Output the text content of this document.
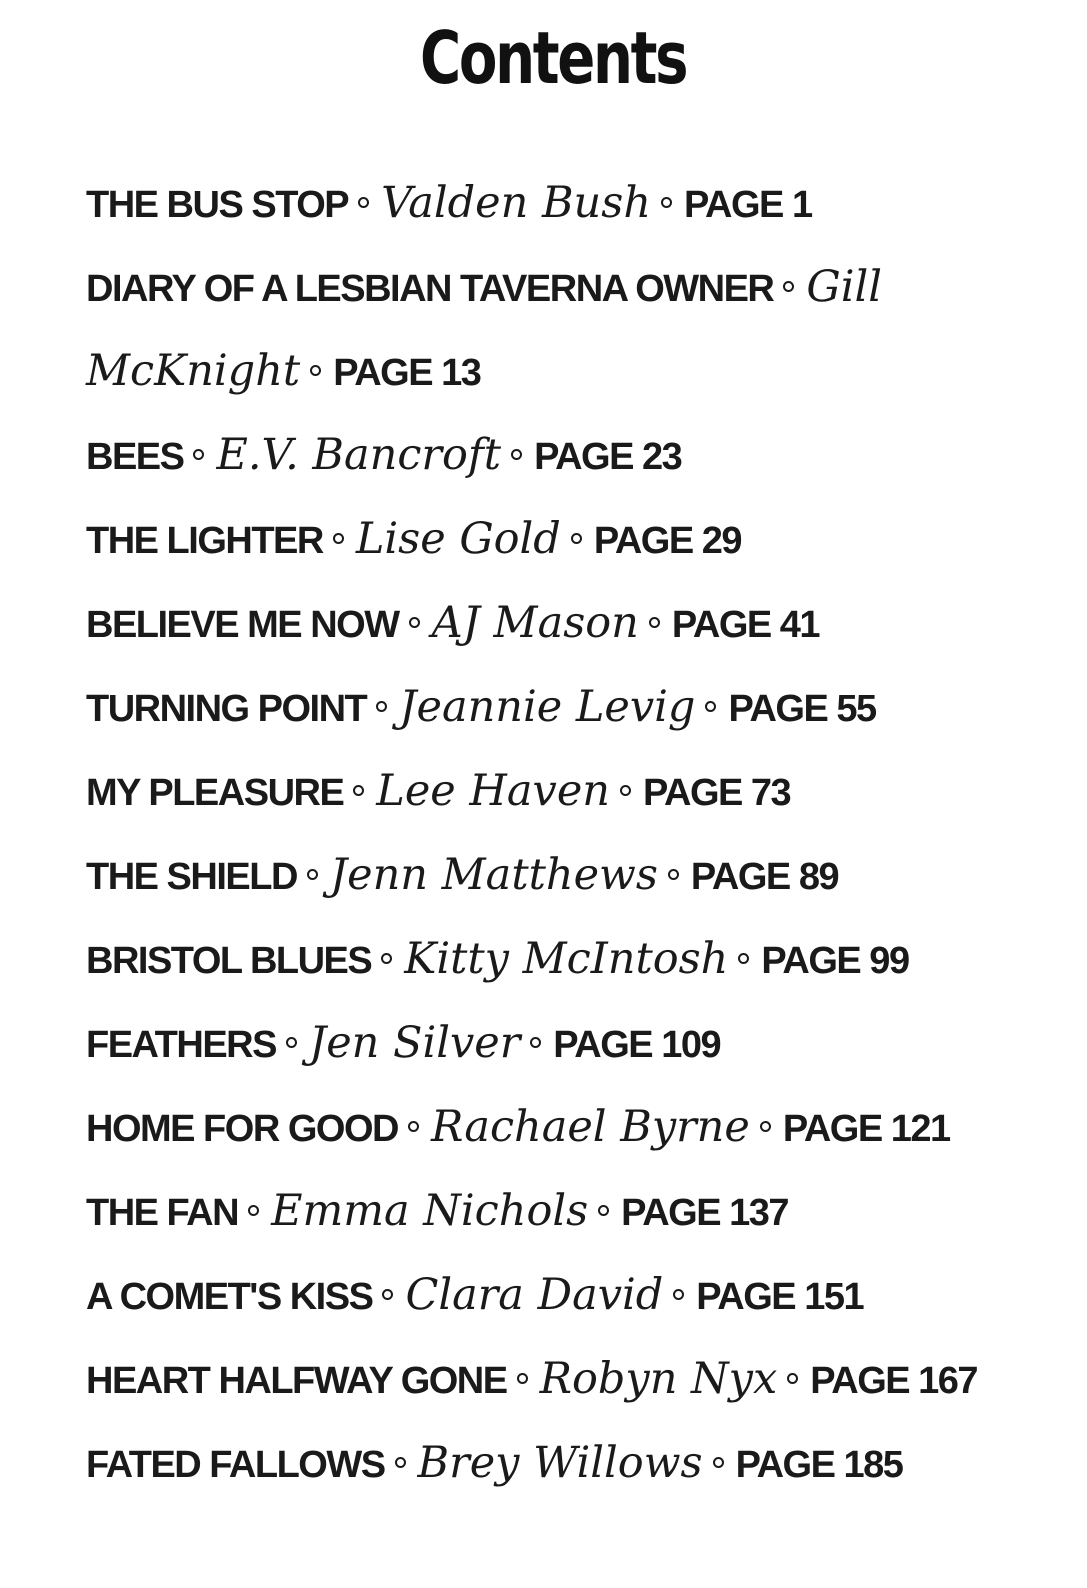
Contents
THE BUS STOP Valden Bush PAGE 1
DIARY OF A LESBIAN TAVERNA OWNER Gill McKnight PAGE 13
BEES E.V. Bancroft PAGE 23
THE LIGHTER Lise Gold PAGE 29
BELIEVE ME NOW AJ Mason PAGE 41
TURNING POINT Jeannie Levig PAGE 55
MY PLEASURE Lee Haven PAGE 73
THE SHIELD Jenn Matthews PAGE 89
BRISTOL BLUES Kitty McIntosh PAGE 99
FEATHERS Jen Silver PAGE 109
HOME FOR GOOD Rachael Byrne PAGE 121
THE FAN Emma Nichols PAGE 137
A COMET'S KISS Clara David PAGE 151
HEART HALFWAY GONE Robyn Nyx PAGE 167
FATED FALLOWS Brey Willows PAGE 185
